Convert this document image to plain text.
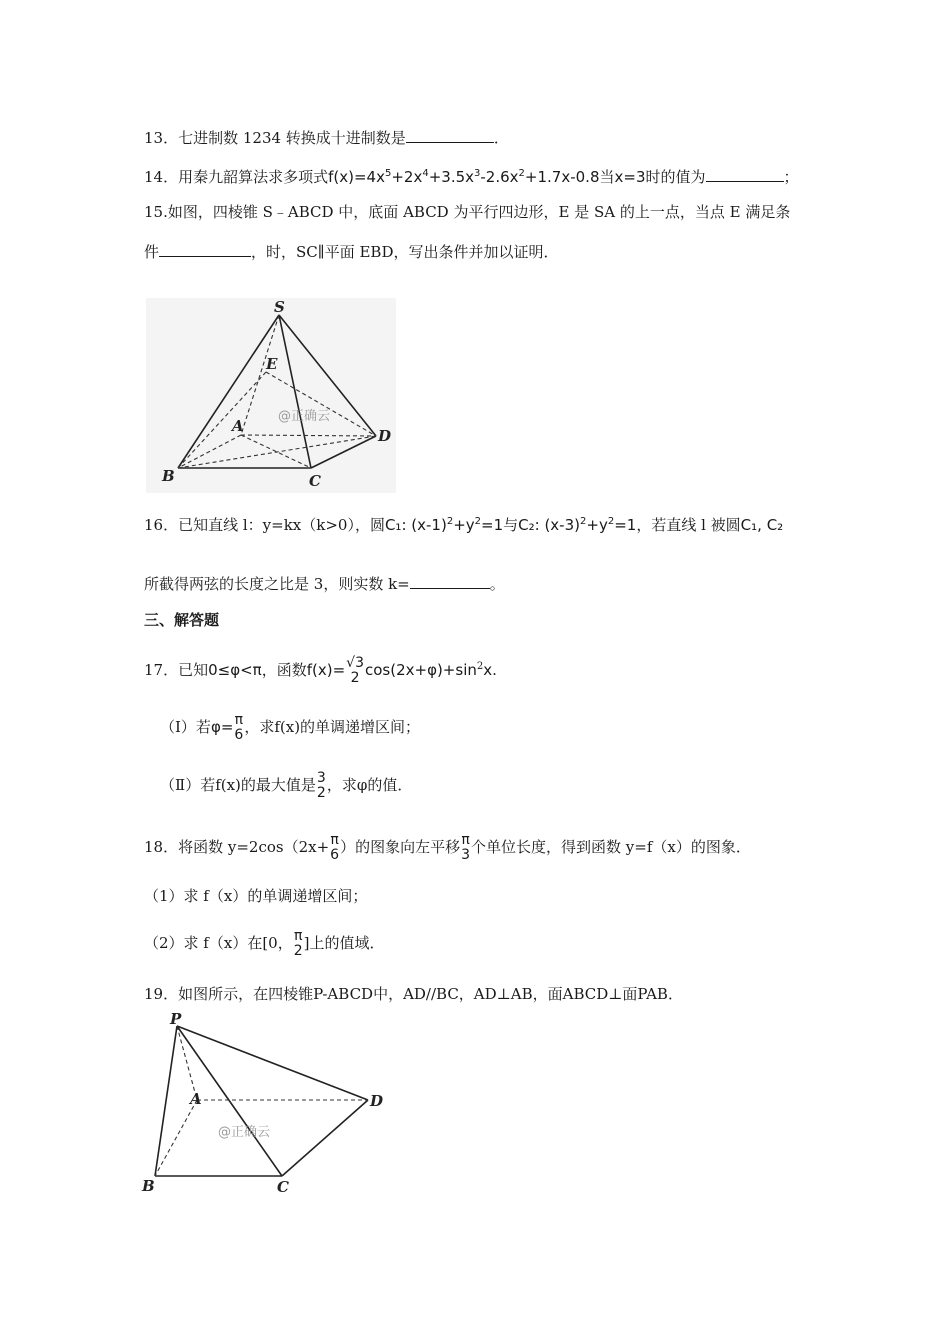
13．七进制数 1234 转换成十进制数是	．
14．用秦九韶算法求多项式$f(x)=4x^5+2x^4+3.5x^3-2.6x^2+1.7x-0.8$当x=3时的值为	；
15.如图，四棱锥 S﹣ABCD 中，底面 ABCD 为平行四边形，E 是 SA 的上一点，当点 E 满足条
件	，时，SC∥平面 EBD，写出条件并加以证明．
S
E
A
B	C
D
@正确云
16．已知直线 l：y=kx（k>0），圆C₁: $(x-1)^2+y^2=1$与C₂: $(x-3)^2+y^2=1$，若直线 l 被圆C₁, C₂
所截得两弦的长度之比是 3，则实数 k=	。
三、解答题
17．已知0≤φ<π，函数f(x)= √3
2 $\cos(2x+\varphi)+\sin^2x$.
（Ⅰ）若φ= π
6 ，求f(x)的单调递增区间；
（Ⅱ）若f(x)的最大值是 3
2 ，求φ的值．
18．将函数 y=2cos（2x+ π
6 ）的图象向左平移 π
3 个单位长度，得到函数 y=f（x）的图象．
（1）求 f（x）的单调递增区间；
（2）求 f（x）在[0， π
2 ]上的值域．
19．如图所示，在四棱锥P-ABCD中，AD//BC，AD⊥AB，面ABCD⊥面PAB．
P
A
B	C
D
@正确云
